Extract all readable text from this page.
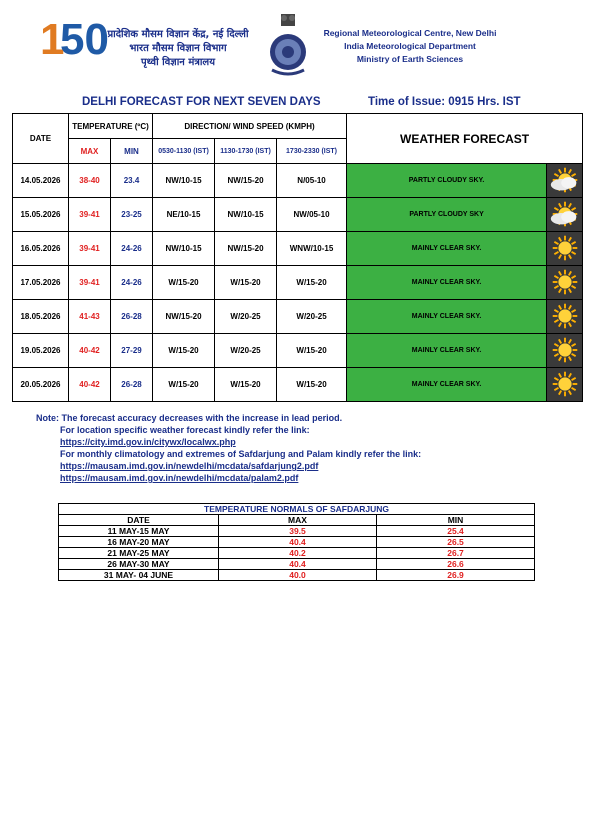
1
50
प्रादेशिक मौसम विज्ञान केंद्र, नई दिल्ली
भारत मौसम विज्ञान विभाग
पृथ्वी विज्ञान मंत्रालय
Regional Meteorological Centre, New Delhi
India Meteorological Department
Ministry of Earth Sciences
DELHI FORECAST FOR NEXT SEVEN DAYS	Time of Issue: 0915 Hrs. IST
DATE	TEMPERATURE (ºC)		DIRECTION/ WIND SPEED (KMPH)			WEATHER FORECAST	
	MAX	MIN	0530-1130 (IST)	1130-1730 (IST)	1730-2330 (IST)		
14.05.2026	38-40	23.4	NW/10-15	NW/15-20	N/05-10	PARTLY CLOUDY SKY.	
15.05.2026	39-41	23-25	NE/10-15	NW/10-15	NW/05-10	PARTLY CLOUDY SKY	
16.05.2026	39-41	24-26	NW/10-15	NW/15-20	WNW/10-15	MAINLY CLEAR SKY.	
17.05.2026	39-41	24-26	W/15-20	W/15-20	W/15-20	MAINLY CLEAR SKY.	
18.05.2026	41-43	26-28	NW/15-20	W/20-25	W/20-25	MAINLY CLEAR SKY.	
19.05.2026	40-42	27-29	W/15-20	W/20-25	W/15-20	MAINLY CLEAR SKY.	
20.05.2026	40-42	26-28	W/15-20	W/15-20	W/15-20	MAINLY CLEAR SKY.	
Note: The forecast accuracy decreases with the increase in lead period.
For location specific weather forecast kindly refer the link:
https://city.imd.gov.in/citywx/localwx.php
For monthly climatology and extremes of Safdarjung and Palam kindly refer the link:
https://mausam.imd.gov.in/newdelhi/mcdata/safdarjung2.pdf
https://mausam.imd.gov.in/newdelhi/mcdata/palam2.pdf
TEMPERATURE NORMALS OF SAFDARJUNG		
DATE	MAX	MIN
11 MAY-15 MAY	39.5	25.4
16 MAY-20 MAY	40.4	26.5
21 MAY-25 MAY	40.2	26.7
26 MAY-30 MAY	40.4	26.6
31 MAY- 04 JUNE	40.0	26.9
